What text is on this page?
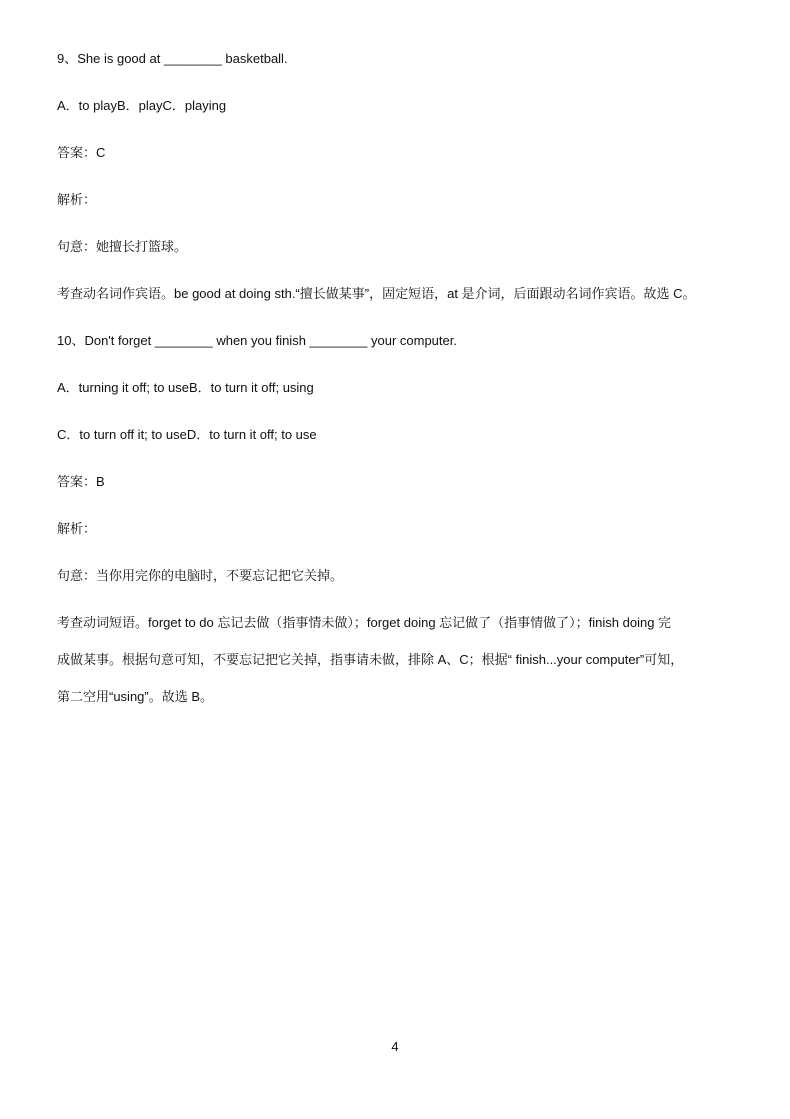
9、She is good at ________ basketball.
A．to playB．playC．playing
答案：C
解析：
句意：她擅长打篮球。
考查动名词作宾语。be good at doing sth.“擅长做某事”，固定短语，at 是介词，后面跟动名词作宾语。故选 C。
10、Don't forget ________ when you finish ________ your computer.
A．turning it off; to useB．to turn it off; using
C．to turn off it; to useD．to turn it off; to use
答案：B
解析：
句意：当你用完你的电脑时，不要忘记把它关掉。
考查动词短语。forget to do 忘记去做（指事情未做）；forget doing 忘记做了（指事情做了）；finish doing 完
成做某事。根据句意可知，不要忘记把它关掉，指事请未做，排除 A、C；根据“ finish...your computer”可知，
第二空用“using”。故选 B。
4
